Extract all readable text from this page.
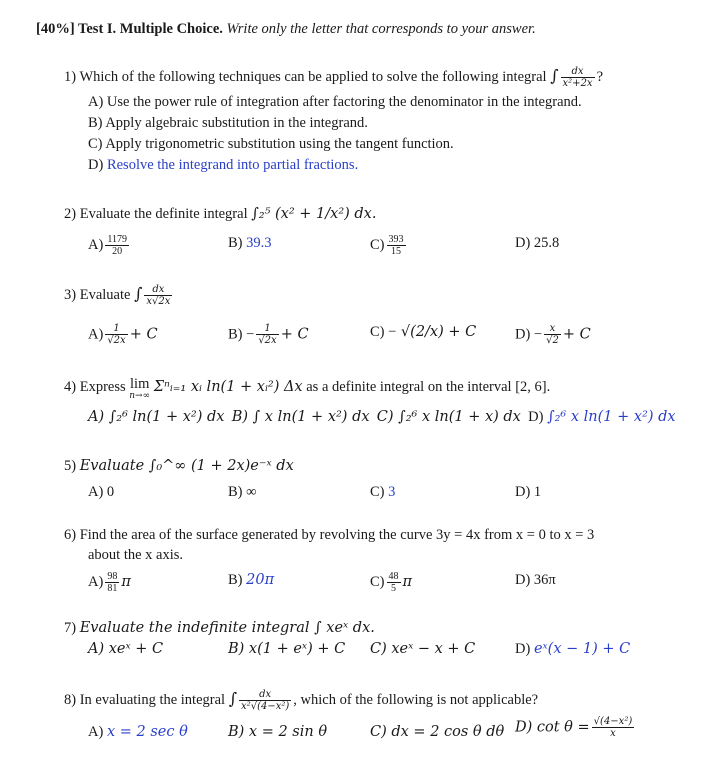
[40%] Test I. Multiple Choice. Write only the letter that corresponds to your answer.
1) Which of the following techniques can be applied to solve the following integral ∫ $\frac{dx}{\text{x²+2x}}$ ?
A) Use the power rule of integration after factoring the denominator in the integrand.
B) Apply algebraic substitution in the integrand.
C) Apply trigonometric substitution using the tangent function.
D) Resolve the integrand into partial fractions.
2) Evaluate the definite integral ∫₂⁵ (x² + 1/x²) dx.
$A) \frac{1179}{20}$	B) 39.3	$C) \frac{393}{15}$	D) 25.8
3) Evaluate ∫ $\frac{dx}{x√2x}$
$A) \frac{1}{√2x} + C$	$B) - \frac{1}{√2x} + C$	C) − √(2/x) + C	$D) - \frac{x}{√2} + C$
4) Express lim
n→∞
Σⁿᵢ₌₁ xᵢ ln(1 + xᵢ²) Δx as a definite integral on the interval [2, 6].
A) ∫₂⁶ ln(1 + x²) dx B) ∫ x ln(1 + x²) dx C) ∫₂⁶ x ln(1 + x) dx D) ∫₂⁶ x ln(1 + x²) dx
5) Evaluate ∫₀^∞ (1 + 2x)e⁻ˣ dx
A) 0	B) ∞	C) 3	D) 1
6) Find the area of the surface generated by revolving the curve 3y = 4x from x = 0 to x = 3
about the x axis.
$A) \frac{98}{81}$ π	B) 20π	$C) \frac{48}{5}$ π	D) 36π
7) Evaluate the indefinite integral ∫ xeˣ dx.
A) xeˣ + C	B) x(1 + eˣ) + C C) xeˣ − x + C	D) eˣ(x − 1) + C
8) In evaluating the integral ∫ $\frac{dx}{\text{x²√(4−x²)}}$ , which of the following is not applicable?
A) x = 2 sec θ	B) x = 2 sin θ	C) dx = 2 cos θ dθ D) $\cot \theta = \frac{\text{√(4−x²)}}{x}$
